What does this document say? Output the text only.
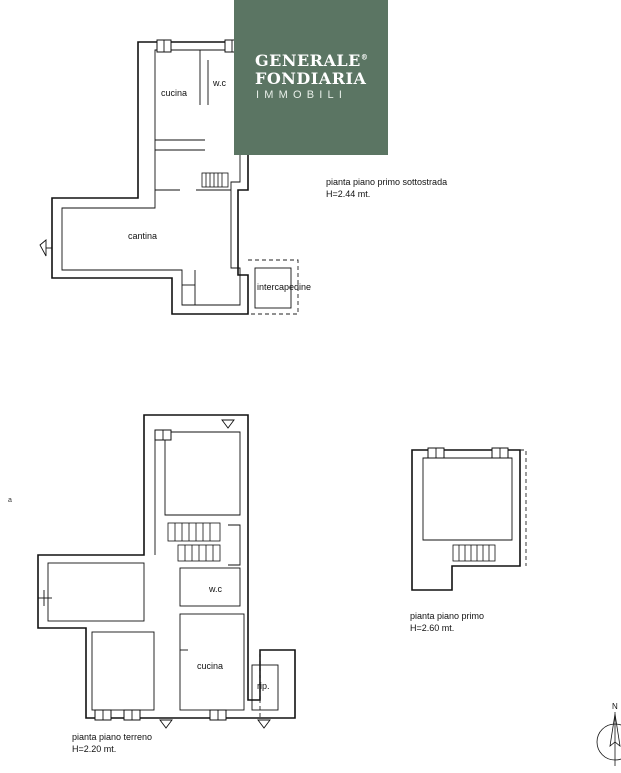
GENERALE®
FONDIARIA
IMMOBILI
cucina
w.c
cantina
intercapedine
pianta piano primo sottostrada
H=2.44 mt.
w.c
cucina
rip.
pianta piano terreno
H=2.20 mt.
pianta piano primo
H=2.60 mt.
a
N
